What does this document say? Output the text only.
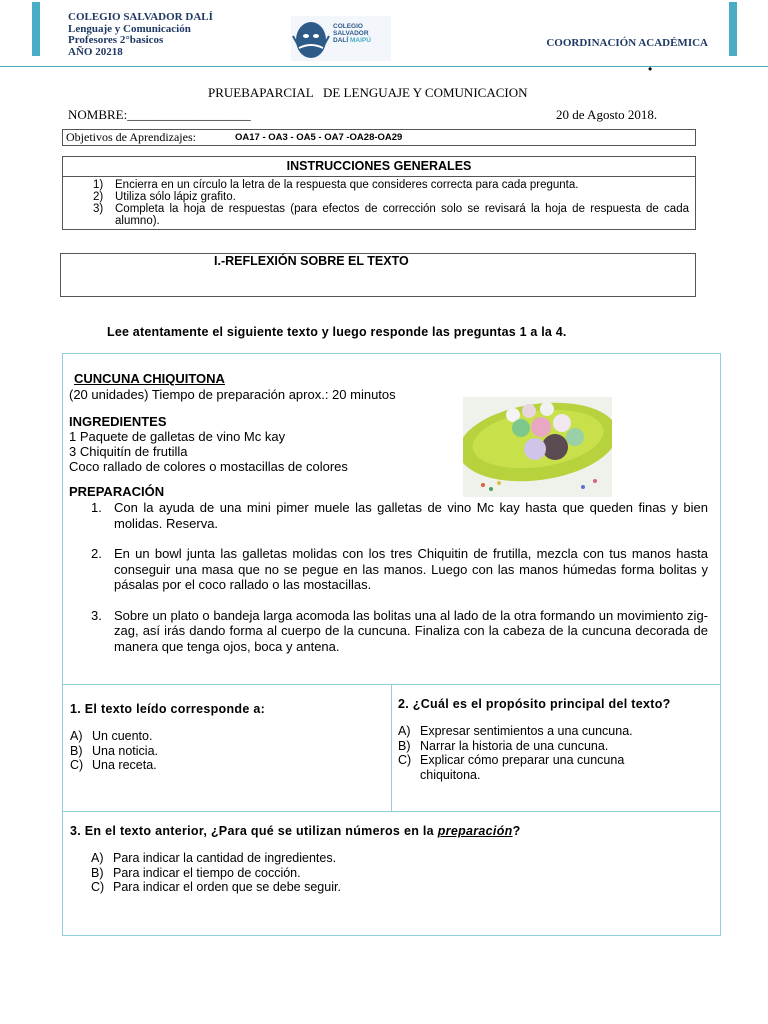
COLEGIO SALVADOR DALÍ
Lenguaje y Comunicación
Profesores 2°basicos
AÑO 20218
COLEGIO
SALVADOR
DALÍ MAIPÚ	COORDINACIÓN ACADÉMICA
•
PRUEBAPARCIAL   DE LENGUAJE Y COMUNICACION
NOMBRE:___________________	20 de Agosto 2018.
Objetivos de Aprendizajes:	OA17 - OA3 - OA5 - OA7 -OA28-OA29
INSTRUCCIONES GENERALES
1) Encierra en un círculo la letra de la respuesta que consideres correcta para cada pregunta.
2) Utiliza sólo lápiz grafito.
3) Completa la hoja de respuestas (para efectos de corrección solo se revisará la hoja de respuesta de cada alumno).
I.-REFLEXIÓN SOBRE EL TEXTO
Lee atentamente el siguiente texto y luego responde las preguntas 1 a la 4.
CUNCUNA CHIQUITONA
(20 unidades) Tiempo de preparación aprox.: 20 minutos
INGREDIENTES
1 Paquete de galletas de vino Mc kay
3 Chiquitín de frutilla
Coco rallado de colores o mostacillas de colores
PREPARACIÓN
1. Con la ayuda de una mini pimer muele las galletas de vino Mc kay hasta que queden finas y bien molidas. Reserva.
2. En un bowl junta las galletas molidas con los tres Chiquitin de frutilla, mezcla con tus manos hasta conseguir una masa que no se pegue en las manos. Luego con las manos húmedas forma bolitas y pásalas por el coco rallado o las mostacillas.
3. Sobre un plato o bandeja larga acomoda las bolitas una al lado de la otra formando un movimiento zig-zag, así irás dando forma al cuerpo de la cuncuna. Finaliza con la cabeza de la cuncuna decorada de manera que tenga ojos, boca y antena.
1. El texto leído corresponde a:
A) Un cuento.
B) Una noticia.
C) Una receta.
2. ¿Cuál es el propósito principal del texto?
A) Expresar sentimientos a una cuncuna.
B) Narrar la historia de una cuncuna.
C) Explicar cómo preparar una cuncuna chiquitona.
3. En el texto anterior, ¿Para qué se utilizan números en la preparación?
A) Para indicar la cantidad de ingredientes.
B) Para indicar el tiempo de cocción.
C) Para indicar el orden que se debe seguir.
